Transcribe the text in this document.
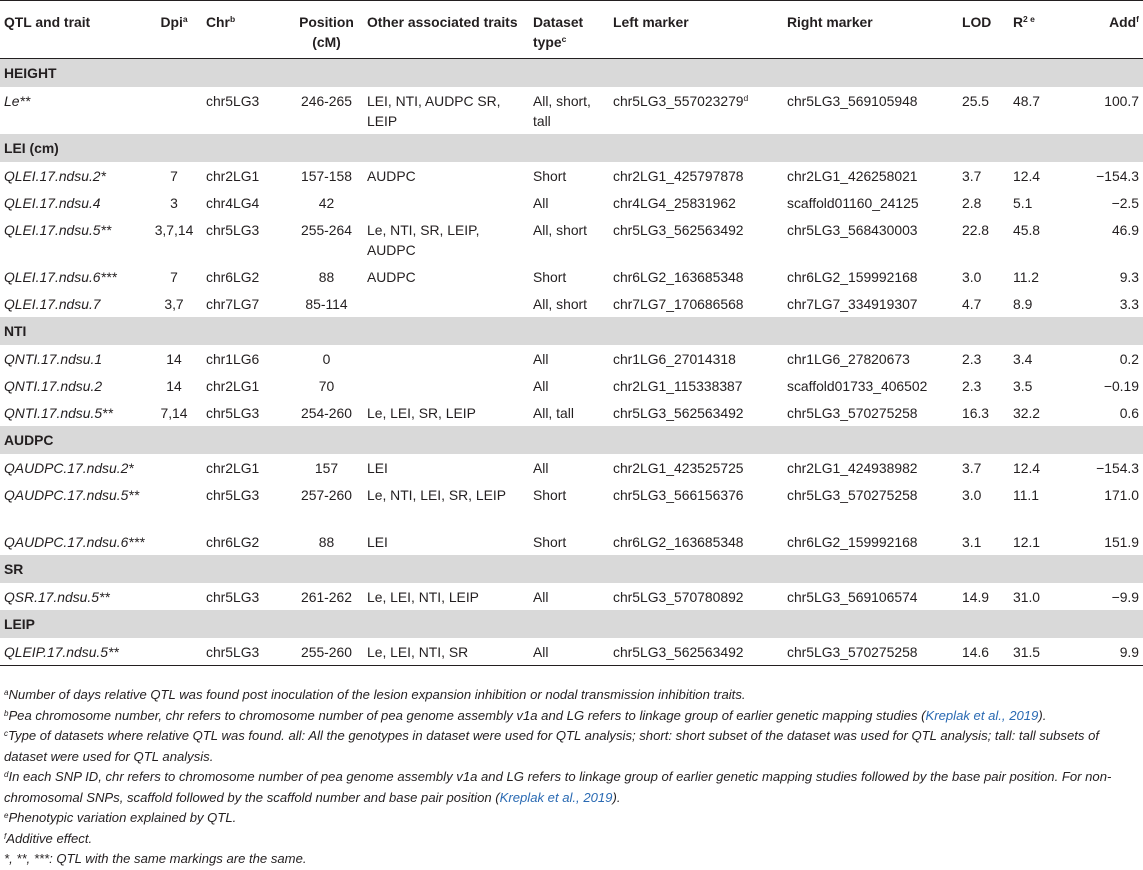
QTL and trait	Dpi$^a$	Chr$^b$	Position (cM)	Other associated traits	Dataset type$^c$	Left marker	Right marker	LOD	$R^{2 e}$	Add$^f$
HEIGHT										
Le**		chr5LG3	246-265	LEI, NTI, AUDPC SR, LEIP	All, short, tall	chr5LG3_557023279$^d$	chr5LG3_569105948	25.5	48.7	100.7
LEI (cm)										
QLEI.17.ndsu.2*	7	chr2LG1	157-158	AUDPC	Short	chr2LG1_425797878	chr2LG1_426258021	3.7	12.4	−154.3
QLEI.17.ndsu.4	3	chr4LG4	42		All	chr4LG4_25831962	scaffold01160_24125	2.8	5.1	−2.5
QLEI.17.ndsu.5**	3,7,14	chr5LG3	255-264	Le, NTI, SR, LEIP, AUDPC	All, short	chr5LG3_562563492	chr5LG3_568430003	22.8	45.8	46.9
QLEI.17.ndsu.6***	7	chr6LG2	88	AUDPC	Short	chr6LG2_163685348	chr6LG2_159992168	3.0	11.2	9.3
QLEI.17.ndsu.7	3,7	chr7LG7	85-114		All, short	chr7LG7_170686568	chr7LG7_334919307	4.7	8.9	3.3
NTI										
QNTI.17.ndsu.1	14	chr1LG6	0		All	chr1LG6_27014318	chr1LG6_27820673	2.3	3.4	0.2
QNTI.17.ndsu.2	14	chr2LG1	70		All	chr2LG1_115338387	scaffold01733_406502	2.3	3.5	−0.19
QNTI.17.ndsu.5**	7,14	chr5LG3	254-260	Le, LEI, SR, LEIP	All, tall	chr5LG3_562563492	chr5LG3_570275258	16.3	32.2	0.6
AUDPC										
QAUDPC.17.ndsu.2*		chr2LG1	157	LEI	All	chr2LG1_423525725	chr2LG1_424938982	3.7	12.4	−154.3
QAUDPC.17.ndsu.5**		chr5LG3	257-260	Le, NTI, LEI, SR, LEIP	Short	chr5LG3_566156376	chr5LG3_570275258	3.0	11.1	171.0
QAUDPC.17.ndsu.6***		chr6LG2	88	LEI	Short	chr6LG2_163685348	chr6LG2_159992168	3.1	12.1	151.9
SR										
QSR.17.ndsu.5**		chr5LG3	261-262	Le, LEI, NTI, LEIP	All	chr5LG3_570780892	chr5LG3_569106574	14.9	31.0	−9.9
LEIP										
QLEIP.17.ndsu.5**		chr5LG3	255-260	Le, LEI, NTI, SR	All	chr5LG3_562563492	chr5LG3_570275258	14.6	31.5	9.9

$^a$Number of days relative QTL was found post inoculation of the lesion expansion inhibition or nodal transmission inhibition traits.

$^b$Pea chromosome number, chr refers to chromosome number of pea genome assembly v1a and LG refers to linkage group of earlier genetic mapping studies (Kreplak et al., 2019).

$^c$Type of datasets where relative QTL was found. all: All the genotypes in dataset were used for QTL analysis; short: short subset of the dataset was used for QTL analysis; tall: tall subsets of dataset were used for QTL analysis.

$^d$In each SNP ID, chr refers to chromosome number of pea genome assembly v1a and LG refers to linkage group of earlier genetic mapping studies followed by the base pair position. For non-chromosomal SNPs, scaffold followed by the scaffold number and base pair position (Kreplak et al., 2019).

$^e$Phenotypic variation explained by QTL.

$^f$Additive effect.

*, **, ***: QTL with the same markings are the same.
